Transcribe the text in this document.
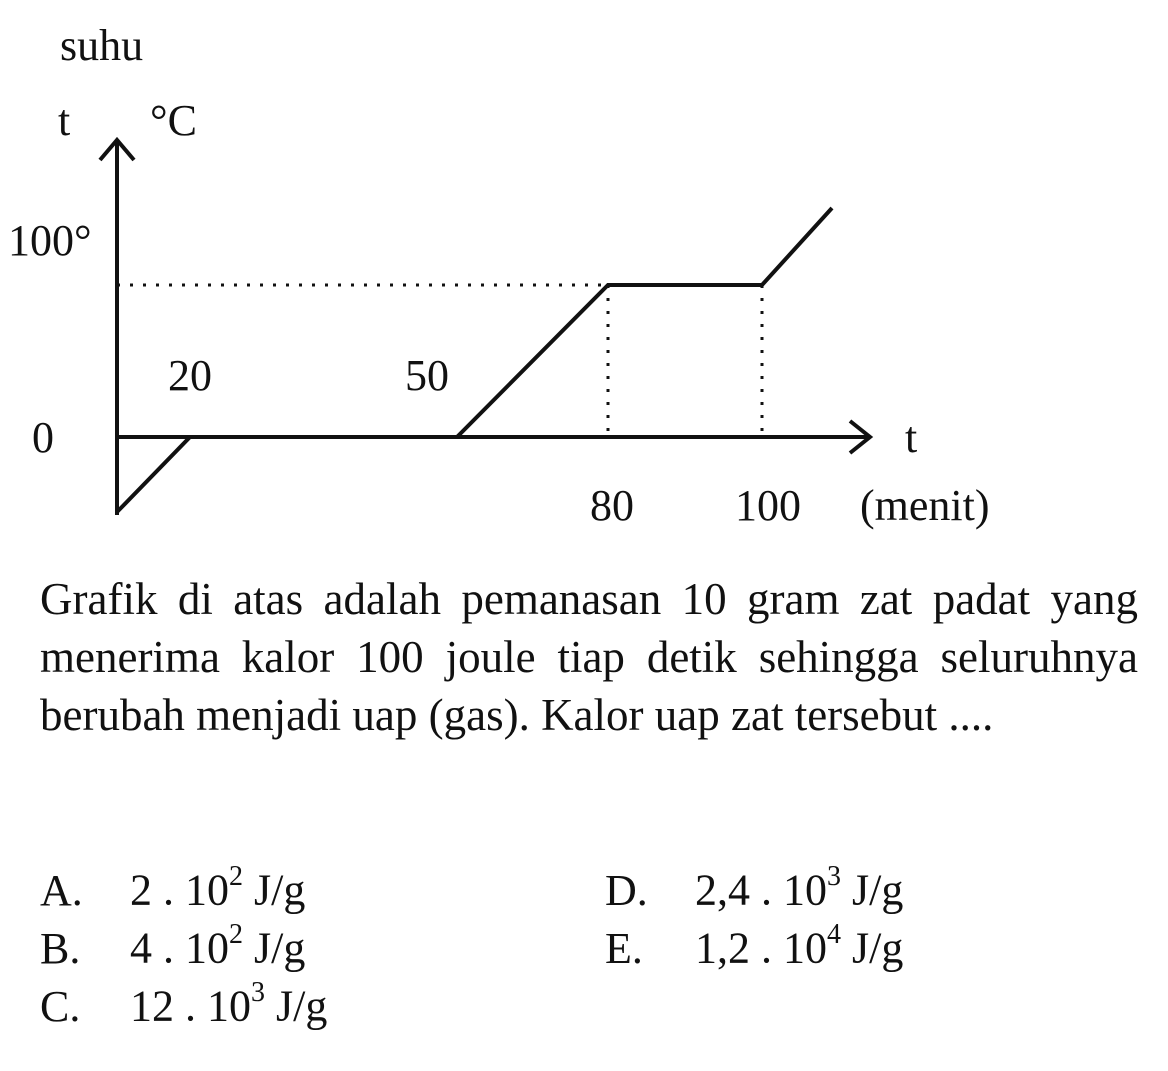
suhu
t °C
t
(menit)
0
100°
20	50
80 100

Grafik di atas adalah pemanasan 10 gram zat padat yang menerima kalor 100 joule tiap detik sehingga seluruhnya berubah menjadi uap (gas). Kalor uap zat tersebut ....

A. 2 . $10^2$ J/g
B. 4 . $10^2$ J/g
C. 12 . $10^3$ J/g
D. 2,4 . $10^3$ J/g
E. 1,2 . $10^4$ J/g
